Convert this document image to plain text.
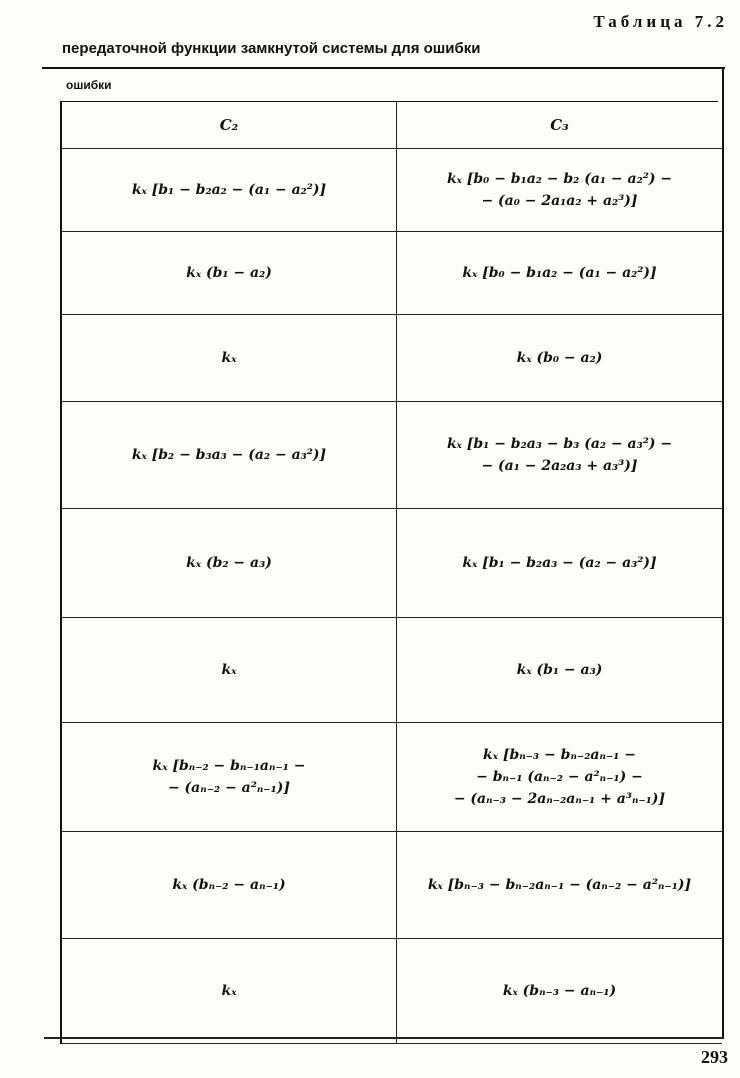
Таблица 7.2
передаточной функции замкнутой системы для ошибки
ошибки
C₂	C₃

kₓ [b₁ − b₂a₂ − (a₁ − a₂²)]	kₓ [b₀ − b₁a₂ − b₂ (a₁ − a₂²) −
− (a₀ − 2a₁a₂ + a₂³)]

kₓ (b₁ − a₂)	kₓ [b₀ − b₁a₂ − (a₁ − a₂²)]

kₓ	kₓ (b₀ − a₂)

kₓ [b₂ − b₃a₃ − (a₂ − a₃²)]	kₓ [b₁ − b₂a₃ − b₃ (a₂ − a₃²) −
− (a₁ − 2a₂a₃ + a₃³)]

kₓ (b₂ − a₃)	kₓ [b₁ − b₂a₃ − (a₂ − a₃²)]

kₓ	kₓ (b₁ − a₃)

kₓ [bₙ₋₂ − bₙ₋₁aₙ₋₁ −
− (aₙ₋₂ − a²ₙ₋₁)]	kₓ [bₙ₋₃ − bₙ₋₂aₙ₋₁ −
− bₙ₋₁ (aₙ₋₂ − a²ₙ₋₁) −
− (aₙ₋₃ − 2aₙ₋₂aₙ₋₁ + a³ₙ₋₁)]

kₓ (bₙ₋₂ − aₙ₋₁)	kₓ [bₙ₋₃ − bₙ₋₂aₙ₋₁ − (aₙ₋₂ − a²ₙ₋₁)]

kₓ	kₓ (bₙ₋₃ − aₙ₋₁)
293
